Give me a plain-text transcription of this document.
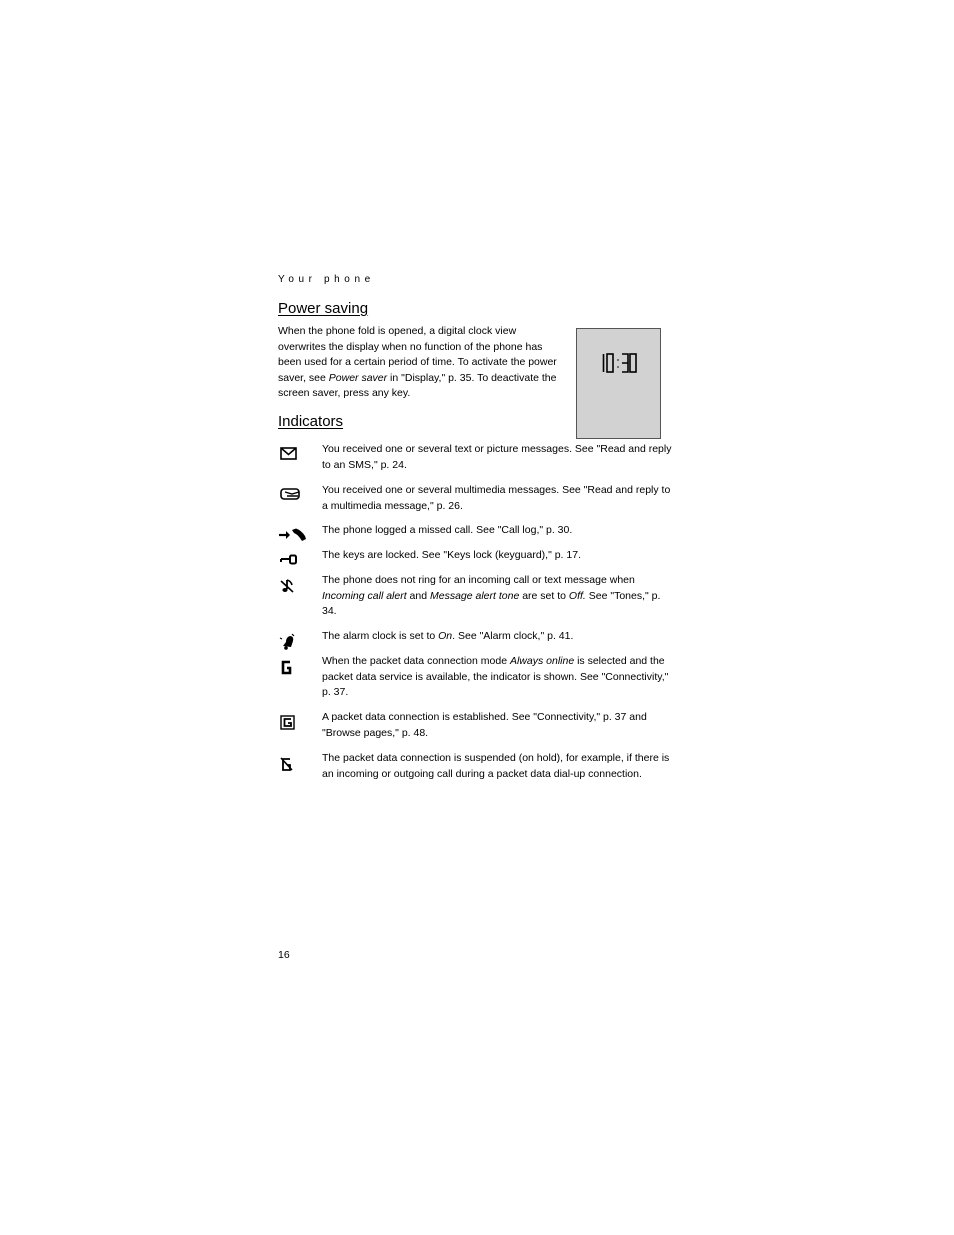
Your phone
Power saving

When the phone fold is opened, a digital clock view overwrites the display when no function of the phone has been used for a certain period of time. To activate the power saver, see Power saver in "Display," p. 35. To deactivate the screen saver, press any key.

Indicators
You received one or several text or picture messages. See "Read and reply to an SMS," p. 24.
You received one or several multimedia messages. See "Read and reply to a multimedia message," p. 26.
The phone logged a missed call. See "Call log," p. 30.
The keys are locked. See "Keys lock (keyguard)," p. 17.
The phone does not ring for an incoming call or text message when Incoming call alert and Message alert tone are set to Off. See "Tones," p. 34.
The alarm clock is set to On. See "Alarm clock," p. 41.
When the packet data connection mode Always online is selected and the packet data service is available, the indicator is shown. See "Connectivity," p. 37.
A packet data connection is established. See "Connectivity," p. 37 and "Browse pages," p. 48.
The packet data connection is suspended (on hold), for example, if there is an incoming or outgoing call during a packet data dial-up connection.
16
